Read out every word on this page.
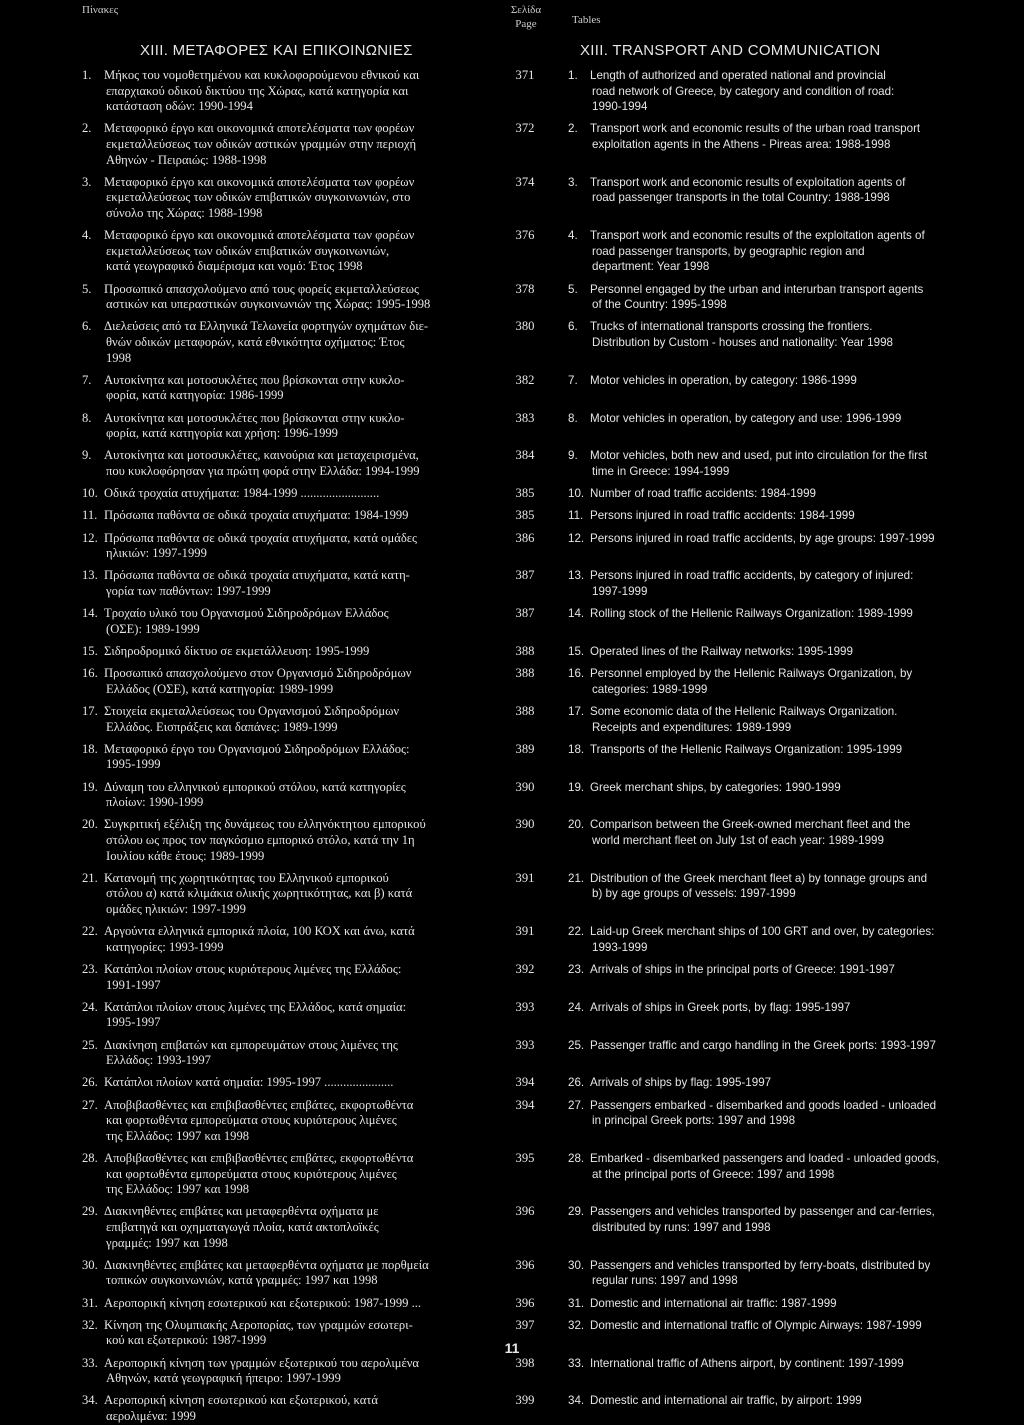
Πίνακες	Σελίδα
Page	Tables
XIII. ΜΕΤΑΦΟΡΕΣ ΚΑΙ ΕΠΙΚΟΙΝΩΝΙΕΣ	XIII. TRANSPORT AND COMMUNICATION
1. Μήκος του νομοθετημένου και κυκλοφορούμενου εθνικού και
επαρχιακού οδικού δικτύου της Χώρας, κατά κατηγορία και
κατάσταση οδών: 1990-1994
371	1. Length of authorized and operated national and provincial
road network of Greece, by category and condition of road:
1990-1994
2. Μεταφορικό έργο και οικονομικά αποτελέσματα των φορέων
εκμεταλλεύσεως των οδικών αστικών γραμμών στην περιοχή
Αθηνών - Πειραιώς: 1988-1998
372	2. Transport work and economic results of the urban road transport
exploitation agents in the Athens - Pireas area: 1988-1998
3. Μεταφορικό έργο και οικονομικά αποτελέσματα των φορέων
εκμεταλλεύσεως των οδικών επιβατικών συγκοινωνιών, στο
σύνολο της Χώρας: 1988-1998
374	3. Transport work and economic results of exploitation agents of
road passenger transports in the total Country: 1988-1998
4. Μεταφορικό έργο και οικονομικά αποτελέσματα των φορέων
εκμεταλλεύσεως των οδικών επιβατικών συγκοινωνιών,
κατά γεωγραφικό διαμέρισμα και νομό: Έτος 1998
376	4. Transport work and economic results of the exploitation agents of
road passenger transports, by geographic region and
department: Year 1998
5. Προσωπικό απασχολούμενο από τους φορείς εκμεταλλεύσεως
αστικών και υπεραστικών συγκοινωνιών της Χώρας: 1995-1998
378	5. Personnel engaged by the urban and interurban transport agents
of the Country: 1995-1998
6. Διελεύσεις από τα Ελληνικά Τελωνεία φορτηγών οχημάτων διε-
θνών οδικών μεταφορών, κατά εθνικότητα οχήματος: Έτος
1998
380	6. Trucks of international transports crossing the frontiers.
Distribution by Custom - houses and nationality: Year 1998
7. Αυτοκίνητα και μοτοσυκλέτες που βρίσκονται στην κυκλο-
φορία, κατά κατηγορία: 1986-1999
382	7. Motor vehicles in operation, by category: 1986-1999
8. Αυτοκίνητα και μοτοσυκλέτες που βρίσκονται στην κυκλο-
φορία, κατά κατηγορία και χρήση: 1996-1999
383	8. Motor vehicles in operation, by category and use: 1996-1999
9. Αυτοκίνητα και μοτοσυκλέτες, καινούρια και μεταχειρισμένα,
που κυκλοφόρησαν για πρώτη φορά στην Ελλάδα: 1994-1999
384	9. Motor vehicles, both new and used, put into circulation for the first
time in Greece: 1994-1999
10. Οδικά τροχαία ατυχήματα: 1984-1999 .........................	385	10. Number of road traffic accidents: 1984-1999
11. Πρόσωπα παθόντα σε οδικά τροχαία ατυχήματα: 1984-1999	385	11. Persons injured in road traffic accidents: 1984-1999
12. Πρόσωπα παθόντα σε οδικά τροχαία ατυχήματα, κατά ομάδες
ηλικιών: 1997-1999
386	12. Persons injured in road traffic accidents, by age groups: 1997-1999
13. Πρόσωπα παθόντα σε οδικά τροχαία ατυχήματα, κατά κατη-
γορία των παθόντων: 1997-1999
387	13. Persons injured in road traffic accidents, by category of injured:
1997-1999
14. Τροχαίο υλικό του Οργανισμού Σιδηροδρόμων Ελλάδος
(ΟΣΕ): 1989-1999
387	14. Rolling stock of the Hellenic Railways Organization: 1989-1999
15. Σιδηροδρομικό δίκτυο σε εκμετάλλευση: 1995-1999	388	15. Operated lines of the Railway networks: 1995-1999
16. Προσωπικό απασχολούμενο στον Οργανισμό Σιδηροδρόμων
Ελλάδος (ΟΣΕ), κατά κατηγορία: 1989-1999
388	16. Personnel employed by the Hellenic Railways Organization, by
categories: 1989-1999
17. Στοιχεία εκμεταλλεύσεως του Οργανισμού Σιδηροδρόμων
Ελλάδος. Εισπράξεις και δαπάνες: 1989-1999
388	17. Some economic data of the Hellenic Railways Organization.
Receipts and expenditures: 1989-1999
18. Μεταφορικό έργο του Οργανισμού Σιδηροδρόμων Ελλάδος:
1995-1999
389	18. Transports of the Hellenic Railways Organization: 1995-1999
19. Δύναμη του ελληνικού εμπορικού στόλου, κατά κατηγορίες
πλοίων: 1990-1999
390	19. Greek merchant ships, by categories: 1990-1999
20. Συγκριτική εξέλιξη της δυνάμεως του ελληνόκτητου εμπορικού
στόλου ως προς τον παγκόσμιο εμπορικό στόλο, κατά την 1η
Ιουλίου κάθε έτους: 1989-1999
390	20. Comparison between the Greek-owned merchant fleet and the
world merchant fleet on July 1st of each year: 1989-1999
21. Κατανομή της χωρητικότητας του Ελληνικού εμπορικού
στόλου α) κατά κλιμάκια ολικής χωρητικότητας, και β) κατά
ομάδες ηλικιών: 1997-1999
391	21. Distribution of the Greek merchant fleet a) by tonnage groups and
b) by age groups of vessels: 1997-1999
22. Αργούντα ελληνικά εμπορικά πλοία, 100 ΚΟΧ και άνω, κατά
κατηγορίες: 1993-1999
391	22. Laid-up Greek merchant ships of 100 GRT and over, by categories:
1993-1999
23. Κατάπλοι πλοίων στους κυριότερους λιμένες της Ελλάδος:
1991-1997
392	23. Arrivals of ships in the principal ports of Greece: 1991-1997
24. Κατάπλοι πλοίων στους λιμένες της Ελλάδος, κατά σημαία:
1995-1997
393	24. Arrivals of ships in Greek ports, by flag: 1995-1997
25. Διακίνηση επιβατών και εμπορευμάτων στους λιμένες της
Ελλάδος: 1993-1997
393	25. Passenger traffic and cargo handling in the Greek ports: 1993-1997
26. Κατάπλοι πλοίων κατά σημαία: 1995-1997 ......................	394	26. Arrivals of ships by flag: 1995-1997
27. Αποβιβασθέντες και επιβιβασθέντες επιβάτες, εκφορτωθέντα
και φορτωθέντα εμπορεύματα στους κυριότερους λιμένες
της Ελλάδος: 1997 και 1998
394	27. Passengers embarked - disembarked and goods loaded - unloaded
in principal Greek ports: 1997 and 1998
28. Αποβιβασθέντες και επιβιβασθέντες επιβάτες, εκφορτωθέντα
και φορτωθέντα εμπορεύματα στους κυριότερους λιμένες
της Ελλάδος: 1997 και 1998
395	28. Embarked - disembarked passengers and loaded - unloaded goods,
at the principal ports of Greece: 1997 and 1998
29. Διακινηθέντες επιβάτες και μεταφερθέντα οχήματα με
επιβατηγά και οχηματαγωγά πλοία, κατά ακτοπλοϊκές
γραμμές: 1997 και 1998
396	29. Passengers and vehicles transported by passenger and car-ferries,
distributed by runs: 1997 and 1998
30. Διακινηθέντες επιβάτες και μεταφερθέντα οχήματα με πορθμεία
τοπικών συγκοινωνιών, κατά γραμμές: 1997 και 1998
396	30. Passengers and vehicles transported by ferry-boats, distributed by
regular runs: 1997 and 1998
31. Αεροπορική κίνηση εσωτερικού και εξωτερικού: 1987-1999 ...	396	31. Domestic and international air traffic: 1987-1999
32. Κίνηση της Ολυμπιακής Αεροπορίας, των γραμμών εσωτερι-
κού και εξωτερικού: 1987-1999
397	32. Domestic and international traffic of Olympic Airways: 1987-1999
33. Αεροπορική κίνηση των γραμμών εξωτερικού του αερολιμένα
Αθηνών, κατά γεωγραφική ήπειρο: 1997-1999
398	33. International traffic of Athens airport, by continent: 1997-1999
34. Αεροπορική κίνηση εσωτερικού και εξωτερικού, κατά
αερολιμένα: 1999
399	34. Domestic and international air traffic, by airport: 1999
11
